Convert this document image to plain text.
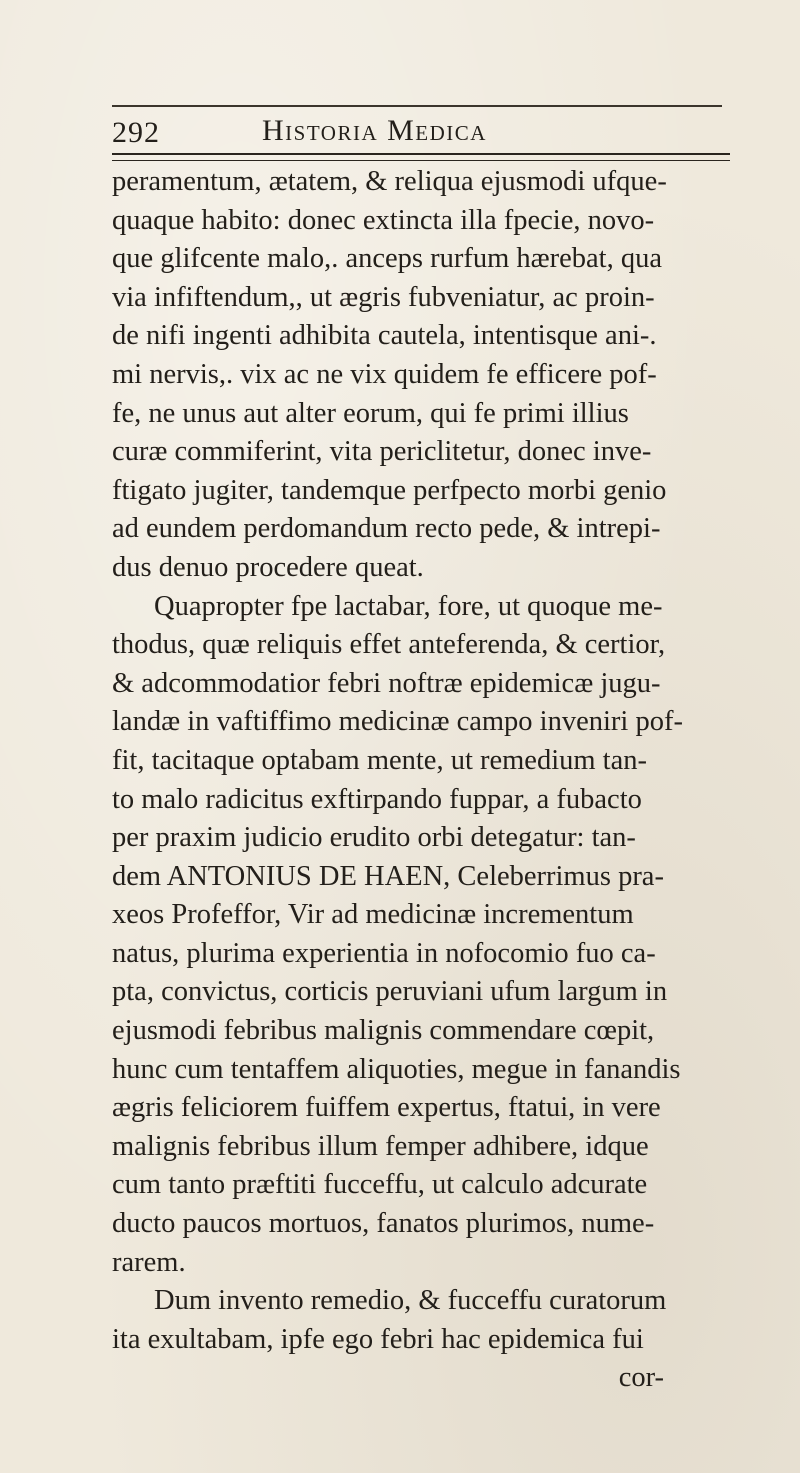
292	Historia Medica
peramentum, ætatem, & reliqua ejusmodi ufque-
quaque habito: donec extincta illa fpecie, novo-
que glifcente malo,. anceps rurfum hærebat, qua
via infiftendum,, ut ægris fubveniatur, ac proin-
de nifi ingenti adhibita cautela, intentisque ani-.
mi nervis,. vix ac ne vix quidem fe efficere pof-
fe, ne unus aut alter eorum, qui fe primi illius
curæ commiferint, vita periclitetur, donec inve-
ftigato jugiter, tandemque perfpecto morbi genio
ad eundem perdomandum recto pede, & intrepi-
dus denuo procedere queat.
Quapropter fpe lactabar, fore, ut quoque me-
thodus, quæ reliquis effet anteferenda, & certior,
& adcommodatior febri noftræ epidemicæ jugu-
landæ in vaftiffimo medicinæ campo inveniri pof-
fit, tacitaque optabam mente, ut remedium tan-
to malo radicitus exftirpando fuppar, a fubacto
per praxim judicio erudito orbi detegatur: tan-
dem ANTONIUS DE HAEN, Celeberrimus pra-
xeos Profeffor, Vir ad medicinæ incrementum
natus, plurima experientia in nofocomio fuo ca-
pta, convictus, corticis peruviani ufum largum in
ejusmodi febribus malignis commendare cœpit,
hunc cum tentaffem aliquoties, megue in fanandis
ægris feliciorem fuiffem expertus, ftatui, in vere
malignis febribus illum femper adhibere, idque
cum tanto præftiti fucceffu, ut calculo adcurate
ducto paucos mortuos, fanatos plurimos, nume-
rarem.
Dum invento remedio, & fucceffu curatorum
ita exultabam, ipfe ego febri hac epidemica fui
cor-
